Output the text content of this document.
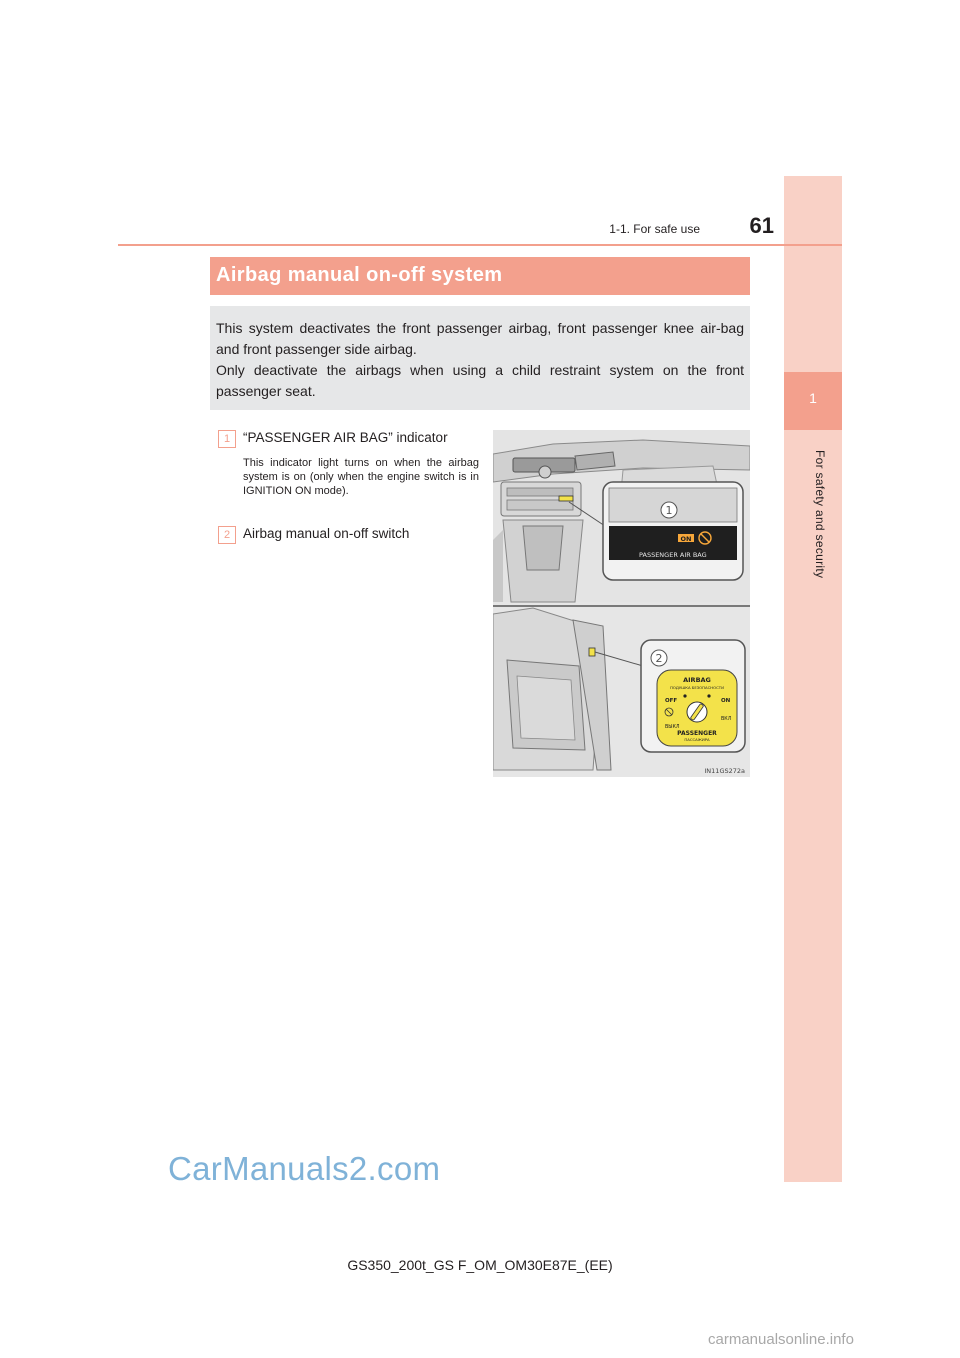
1
For safety and security
1-1. For safe use	61
Airbag manual on-off system

This system deactivates the front passenger airbag, front passenger knee air-bag and front passenger side airbag.

Only deactivate the airbags when using a child restraint system on the front passenger seat.

1 “PASSENGER AIR BAG” indicator

This indicator light turns on when the airbag system is on (only when the engine switch is in IGNITION ON mode).

2 Airbag manual on-off switch	ON
PASSENGER AIR BAG
1
2
AIRBAG
ПОДУШКА БЕЗОПАСНОСТИ
OFF	ON
ВЫКЛ
ВКЛ
PASSENGER
ПАССАЖИРА
IN11GS272a
CarManuals2.com
GS350_200t_GS F_OM_OM30E87E_(EE)
carmanualsonline.info
